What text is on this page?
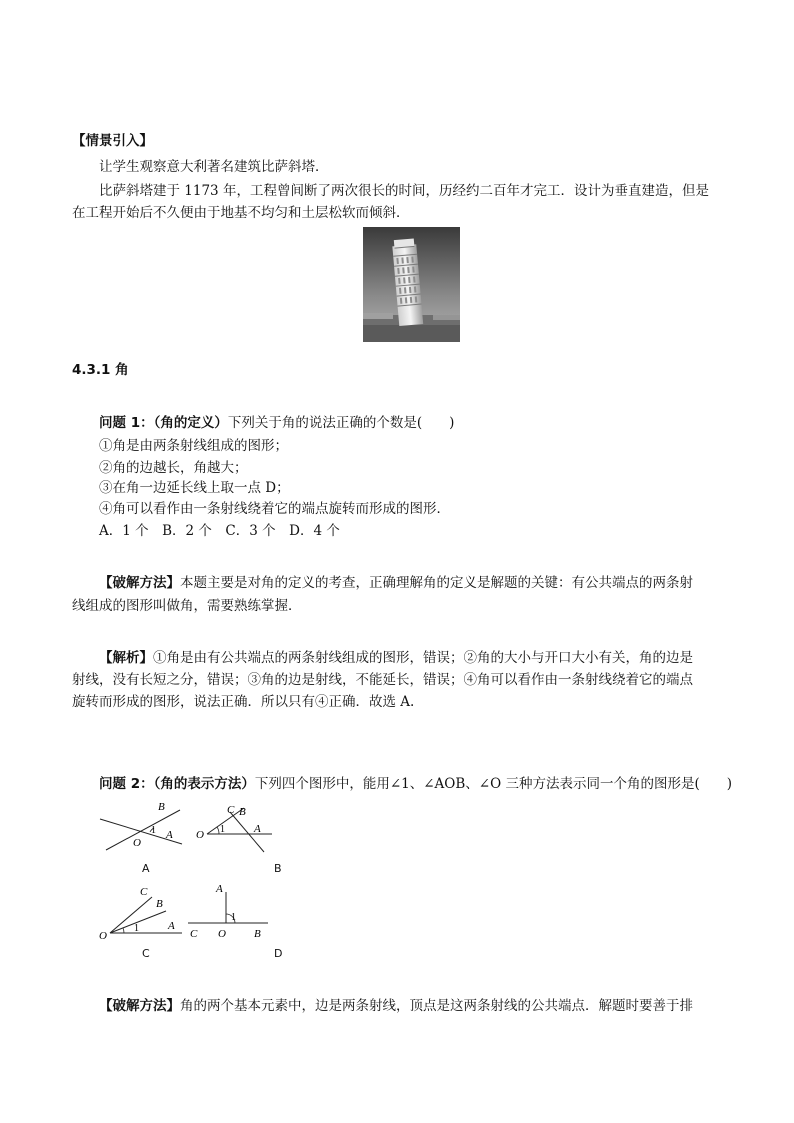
【情景引入】
让学生观察意大利著名建筑比萨斜塔．
比萨斜塔建于 1173 年，工程曾间断了两次很长的时间，历经约二百年才完工．设计为垂直建造，但是
在工程开始后不久便由于地基不均匀和土层松软而倾斜．
4.3.1 角
问题 1：（角的定义）下列关于角的说法正确的个数是(　　)
①角是由两条射线组成的图形；
②角的边越长，角越大；
③在角一边延长线上取一点 D；
④角可以看作由一条射线绕着它的端点旋转而形成的图形．
A．1 个　B．2 个　C．3 个　D．4 个
【破解方法】本题主要是对角的定义的考查，正确理解角的定义是解题的关键：有公共端点的两条射
线组成的图形叫做角，需要熟练掌握．
【解析】①角是由有公共端点的两条射线组成的图形，错误；②角的大小与开口大小有关，角的边是
射线，没有长短之分，错误；③角的边是射线，不能延长，错误；④角可以看作由一条射线绕着它的端点
旋转而形成的图形，说法正确．所以只有④正确．故选 A.
问题 2：（角的表示方法）下列四个图形中，能用∠1、∠AOB、∠O 三种方法表示同一个角的图形是(　　)
B
1 A
O
A
C B
O 1	A
B
C
B
1	A
O
C
A
1
C O	B
D
【破解方法】角的两个基本元素中，边是两条射线，顶点是这两条射线的公共端点．解题时要善于排
